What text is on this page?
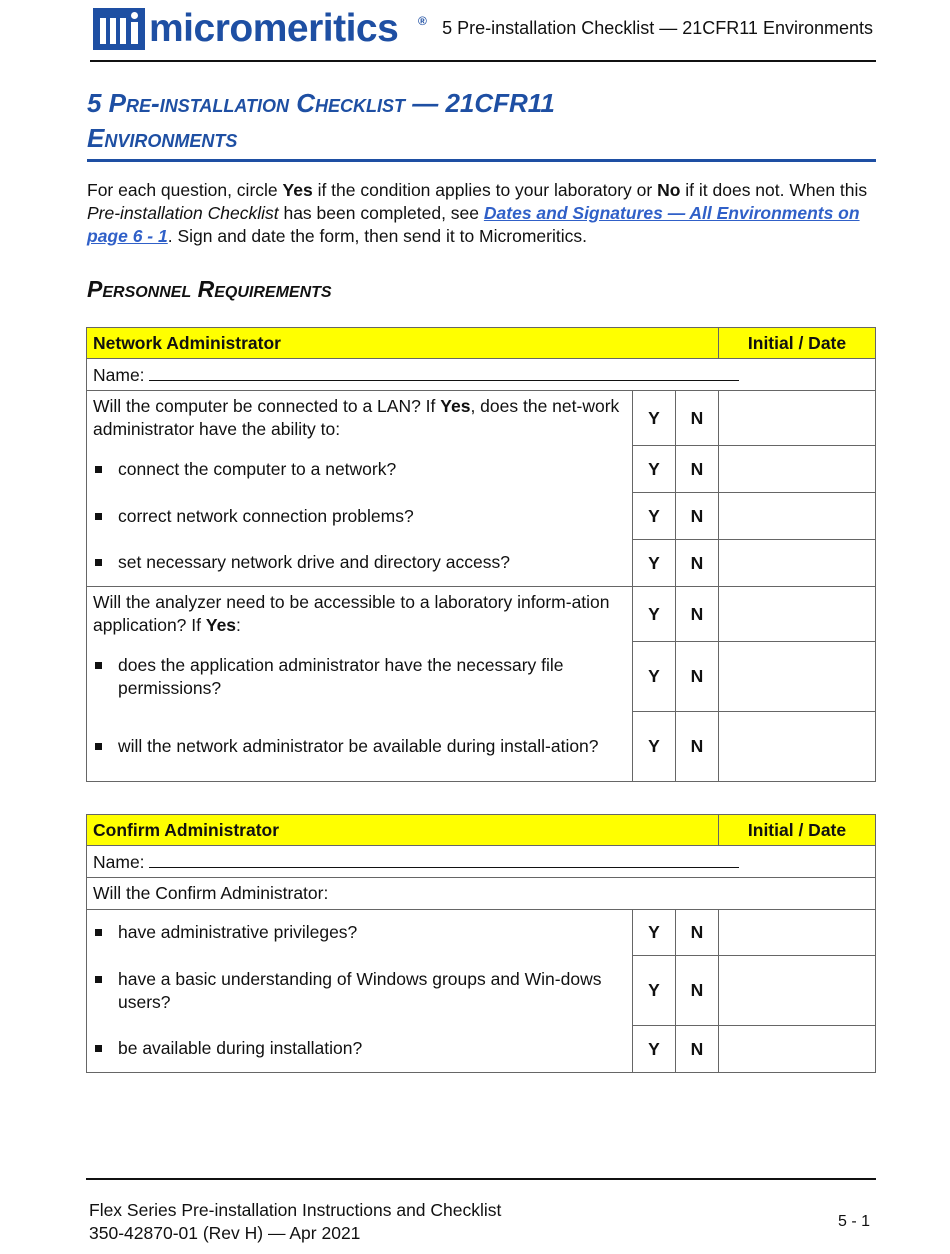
micromeritics ® 5 Pre-installation Checklist — 21CFR11 Environments
5 Pre-installation Checklist — 21CFR11
Environments
For each question, circle Yes if the condition applies to your laboratory or No if it does not. When this Pre-installation Checklist has been completed, see Dates and Signatures — All Environments on page 6 - 1. Sign and date the form, then send it to Micromeritics.
Personnel Requirements
Network Administrator			Initial / Date
Name:			
Will the computer be connected to a LAN? If Yes, does the net-work administrator have the ability to:	Y	N	

connect the computer to a network?	Y	N	

correct network connection problems?	Y	N	

set necessary network drive and directory access?	Y	N	
Will the analyzer need to be accessible to a laboratory inform-ation application? If Yes:	Y	N	

does the application administrator have the necessary file permissions?	Y	N	

will the network administrator be available during install-ation?	Y	N	
Confirm Administrator			Initial / Date
Name:			
Will the Confirm Administrator:			

have administrative privileges?	Y	N	

have a basic understanding of Windows groups and Win-dows users?	Y	N	

be available during installation?	Y	N	
Flex Series Pre-installation Instructions and Checklist
350-42870-01 (Rev H) — Apr 2021
5 - 1
